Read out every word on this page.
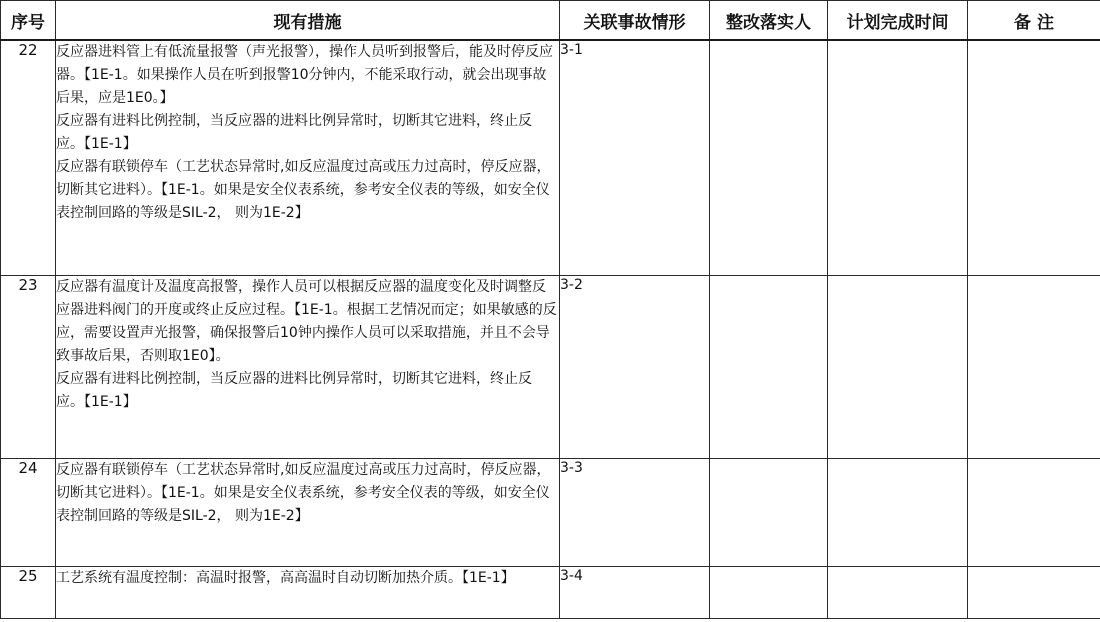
序号	现有措施	关联事故情形	整改落实人	计划完成时间	备 注
22	反应器进料管上有低流量报警（声光报警），操作人员听到报警后，能及时停反应器。【1E-1。如果操作人员在听到报警10分钟内，不能采取行动，就会出现事故后果，应是1E0。】
反应器有进料比例控制，当反应器的进料比例异常时，切断其它进料，终止反应。【1E-1】
反应器有联锁停车（工艺状态异常时,如反应温度过高或压力过高时，停反应器，切断其它进料）。【1E-1。如果是安全仪表系统，参考安全仪表的等级，如安全仪表控制回路的等级是SIL-2， 则为1E-2】	3-1			
23	反应器有温度计及温度高报警，操作人员可以根据反应器的温度变化及时调整反应器进料阀门的开度或终止反应过程。【1E-1。根据工艺情况而定；如果敏感的反应，需要设置声光报警，确保报警后10钟内操作人员可以采取措施，并且不会导致事故后果，否则取1E0】。
反应器有进料比例控制，当反应器的进料比例异常时，切断其它进料，终止反应。【1E-1】	3-2			
24	反应器有联锁停车（工艺状态异常时,如反应温度过高或压力过高时，停反应器，切断其它进料）。【1E-1。如果是安全仪表系统，参考安全仪表的等级，如安全仪表控制回路的等级是SIL-2， 则为1E-2】	3-3			
25	工艺系统有温度控制：高温时报警，高高温时自动切断加热介质。【1E-1】	3-4			
